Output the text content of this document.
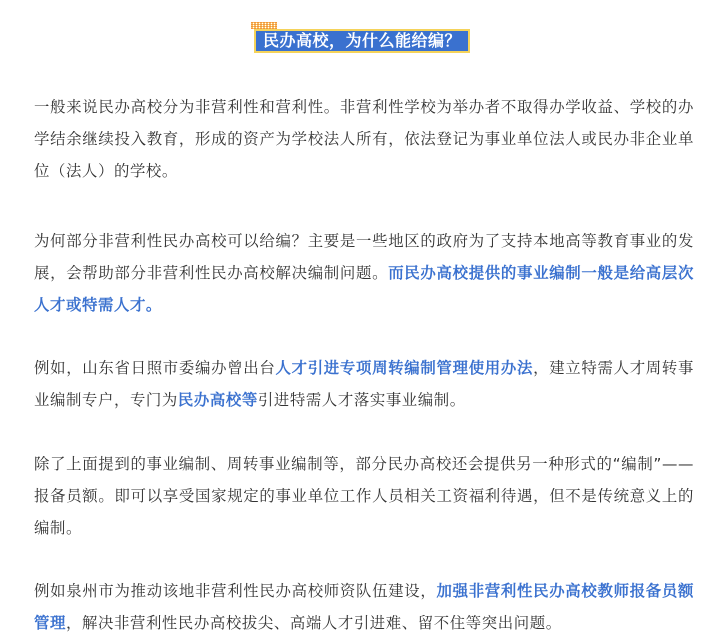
民办高校，为什么能给编？

一般来说民办高校分为非营利性和营利性。非营利性学校为举办者不取得办学收益、学校的办学结余继续投入教育，形成的资产为学校法人所有，依法登记为事业单位法人或民办非企业单位（法人）的学校。

为何部分非营利性民办高校可以给编？主要是一些地区的政府为了支持本地高等教育事业的发展，会帮助部分非营利性民办高校解决编制问题。而民办高校提供的事业编制一般是给高层次人才或特需人才。

例如，山东省日照市委编办曾出台人才引进专项周转编制管理使用办法，建立特需人才周转事业编制专户，专门为民办高校等引进特需人才落实事业编制。

除了上面提到的事业编制、周转事业编制等，部分民办高校还会提供另一种形式的“编制”——报备员额。即可以享受国家规定的事业单位工作人员相关工资福利待遇，但不是传统意义上的编制。

例如泉州市为推动该地非营利性民办高校师资队伍建设，加强非营利性民办高校教师报备员额管理，解决非营利性民办高校拔尖、高端人才引进难、留不住等突出问题。
